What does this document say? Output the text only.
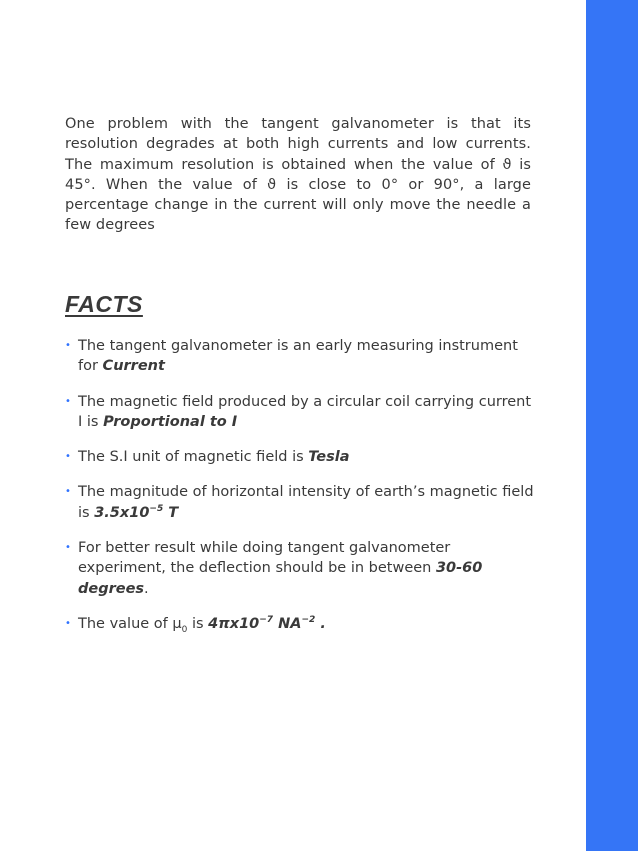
One problem with the tangent galvanometer is that its resolution degrades at both high currents and low currents. The maximum resolution is obtained when the value of ϑ is 45°. When the value of ϑ is close to 0° or 90°, a large percentage change in the current will only move the needle a few degrees

FACTS
• The tangent galvanometer is an early measuring instrument for Current
• The magnetic field produced by a circular coil carrying current I is Proportional to I
• The S.I unit of magnetic field is Tesla
• The magnitude of horizontal intensity of earth’s magnetic field is $3.5x10^{-5}$ T
• For better result while doing tangent galvanometer experiment, the deflection should be in between 30-60 degrees.
• The value of $\mu_0$ is $4\pi x10^{-7}$ $NA^{-2}$ .
